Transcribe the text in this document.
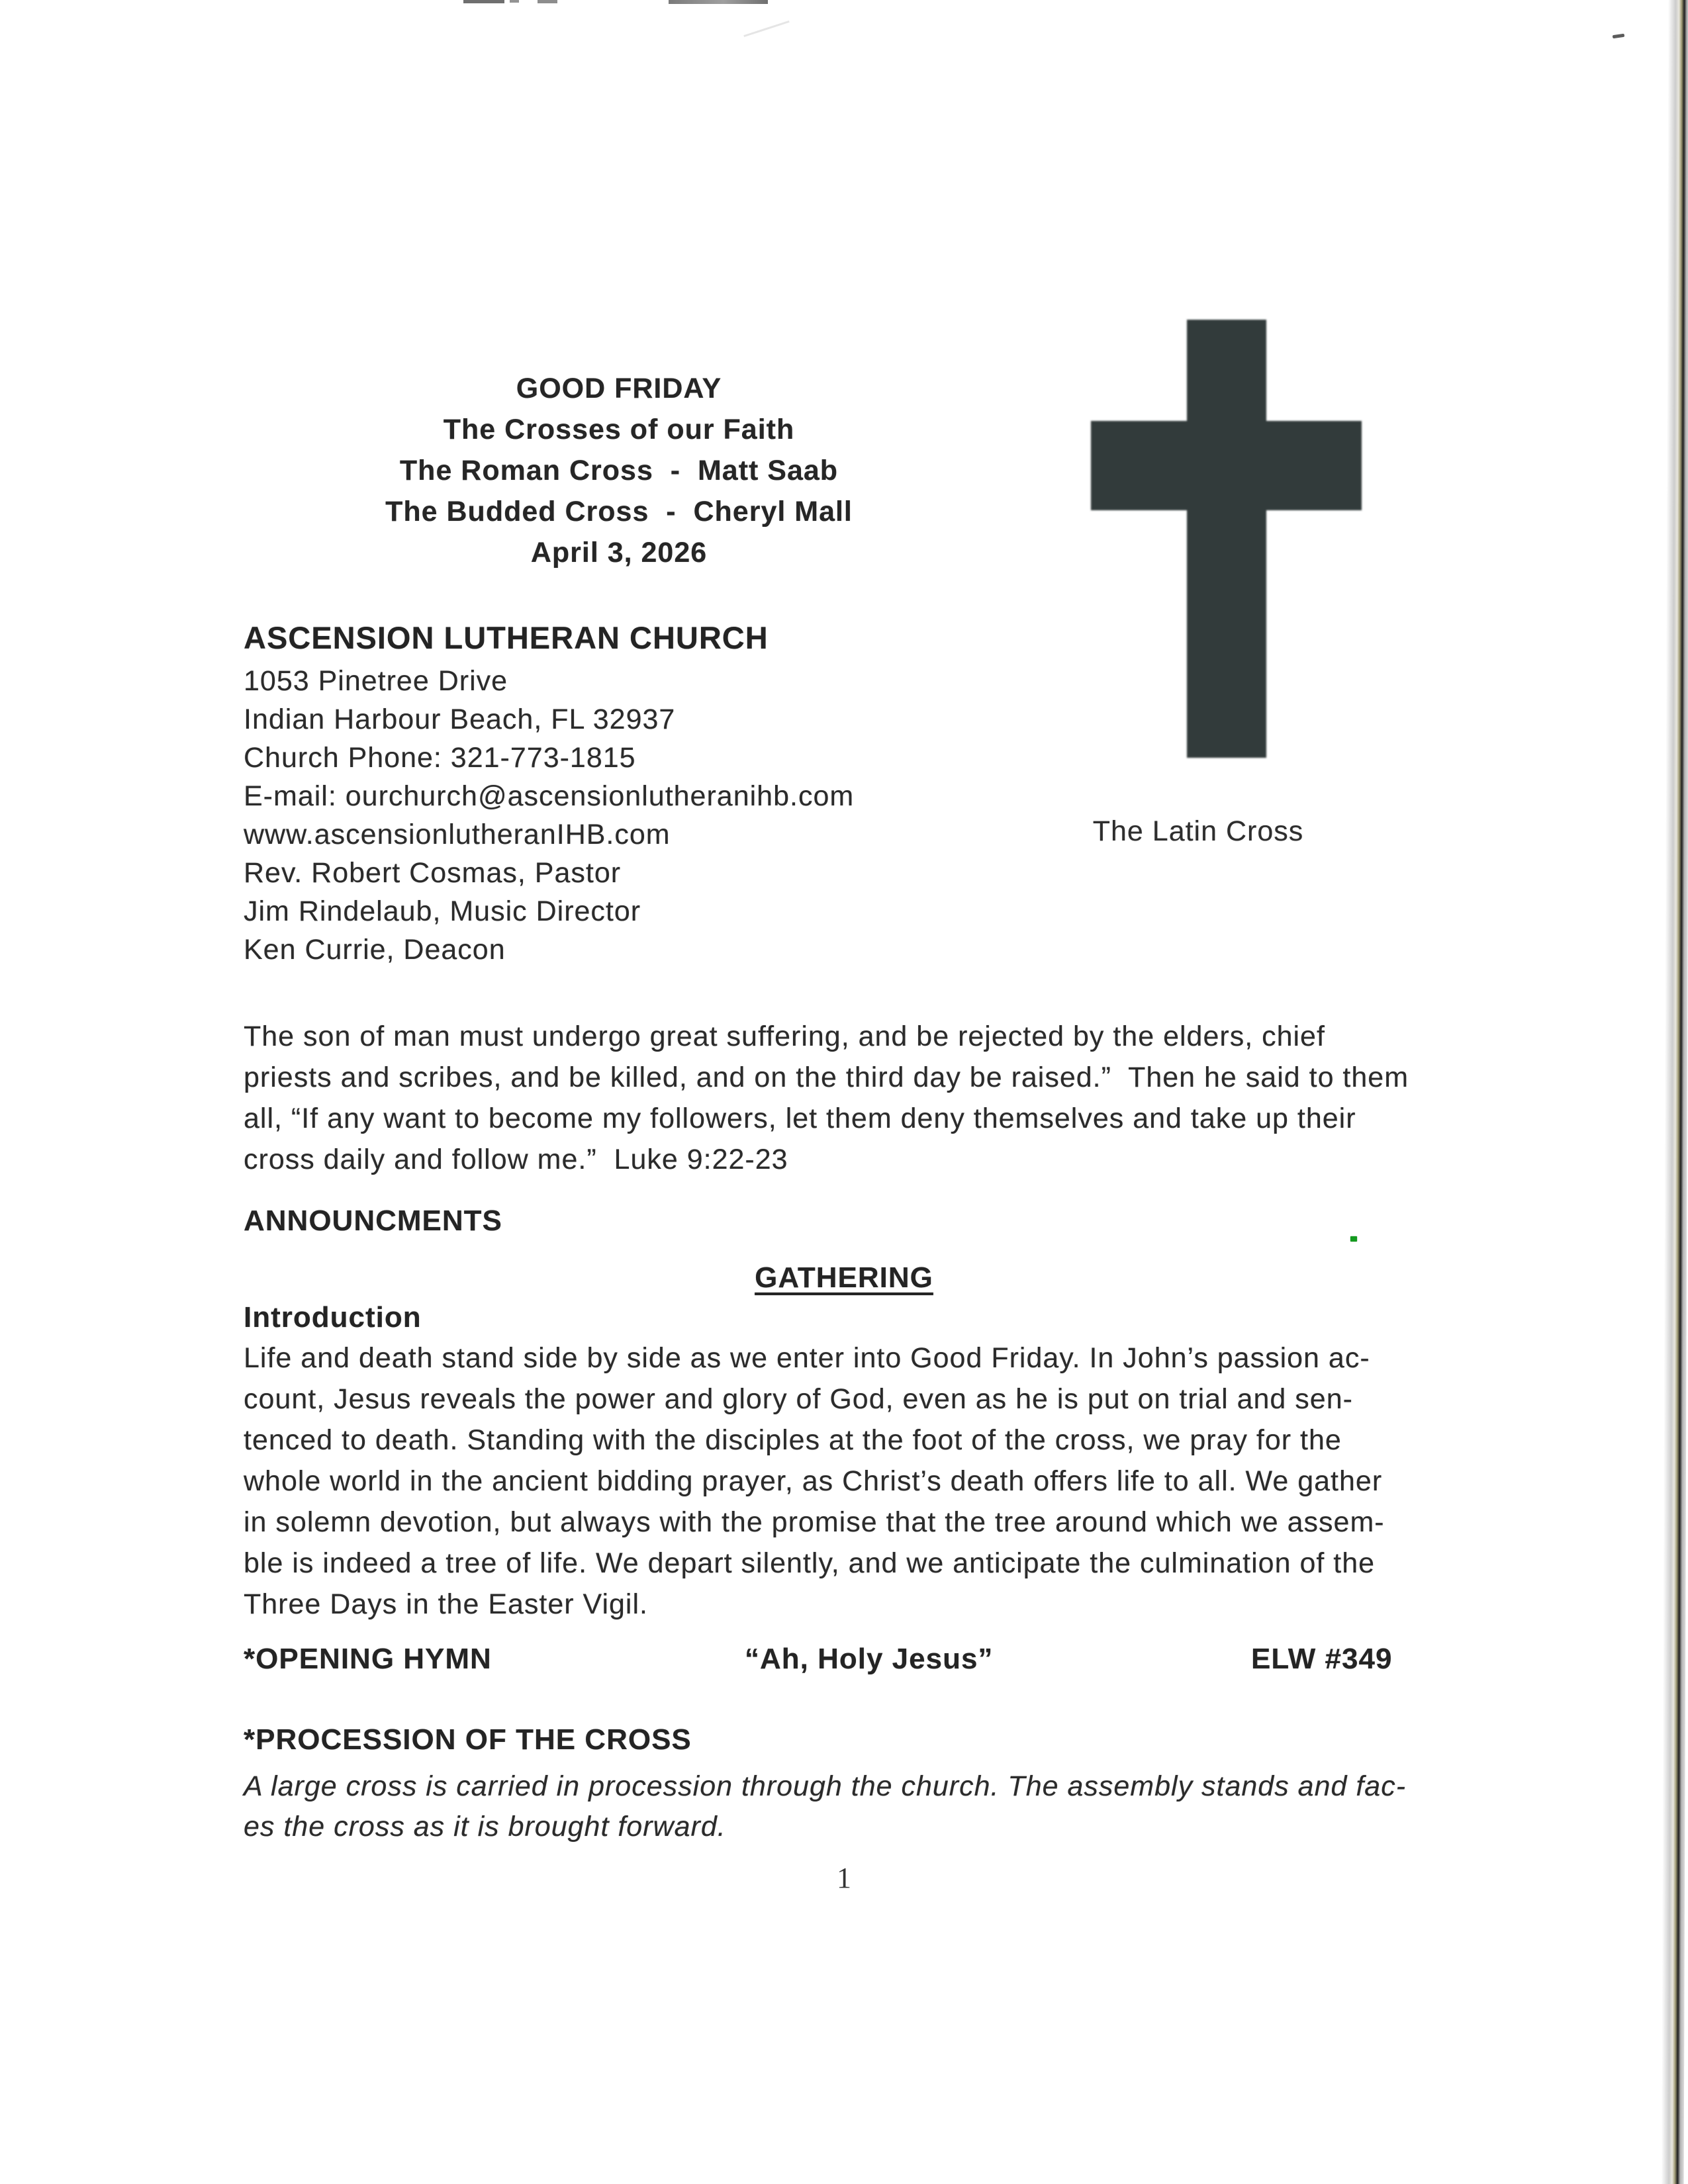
GOOD FRIDAY
The Crosses of our Faith
The Roman Cross  -  Matt Saab
The Budded Cross  -  Cheryl Mall
April 3, 2026
The Latin Cross
ASCENSION LUTHERAN CHURCH
1053 Pinetree Drive
Indian Harbour Beach, FL 32937
Church Phone: 321-773-1815
E-mail: ourchurch@ascensionlutheranihb.com
www.ascensionlutheranIHB.com
Rev. Robert Cosmas, Pastor
Jim Rindelaub, Music Director
Ken Currie, Deacon
The son of man must undergo great suffering, and be rejected by the elders, chief
priests and scribes, and be killed, and on the third day be raised.”  Then he said to them
all, “If any want to become my followers, let them deny themselves and take up their
cross daily and follow me.”  Luke 9:22-23
ANNOUNCMENTS
GATHERING
Introduction
Life and death stand side by side as we enter into Good Friday. In John’s passion ac-
count, Jesus reveals the power and glory of God, even as he is put on trial and sen-
tenced to death. Standing with the disciples at the foot of the cross, we pray for the
whole world in the ancient bidding prayer, as Christ’s death offers life to all. We gather
in solemn devotion, but always with the promise that the tree around which we assem-
ble is indeed a tree of life. We depart silently, and we anticipate the culmination of the
Three Days in the Easter Vigil.
*OPENING HYMN	“Ah, Holy Jesus”	ELW #349
*PROCESSION OF THE CROSS
A large cross is carried in procession through the church. The assembly stands and fac-
es the cross as it is brought forward.
1
